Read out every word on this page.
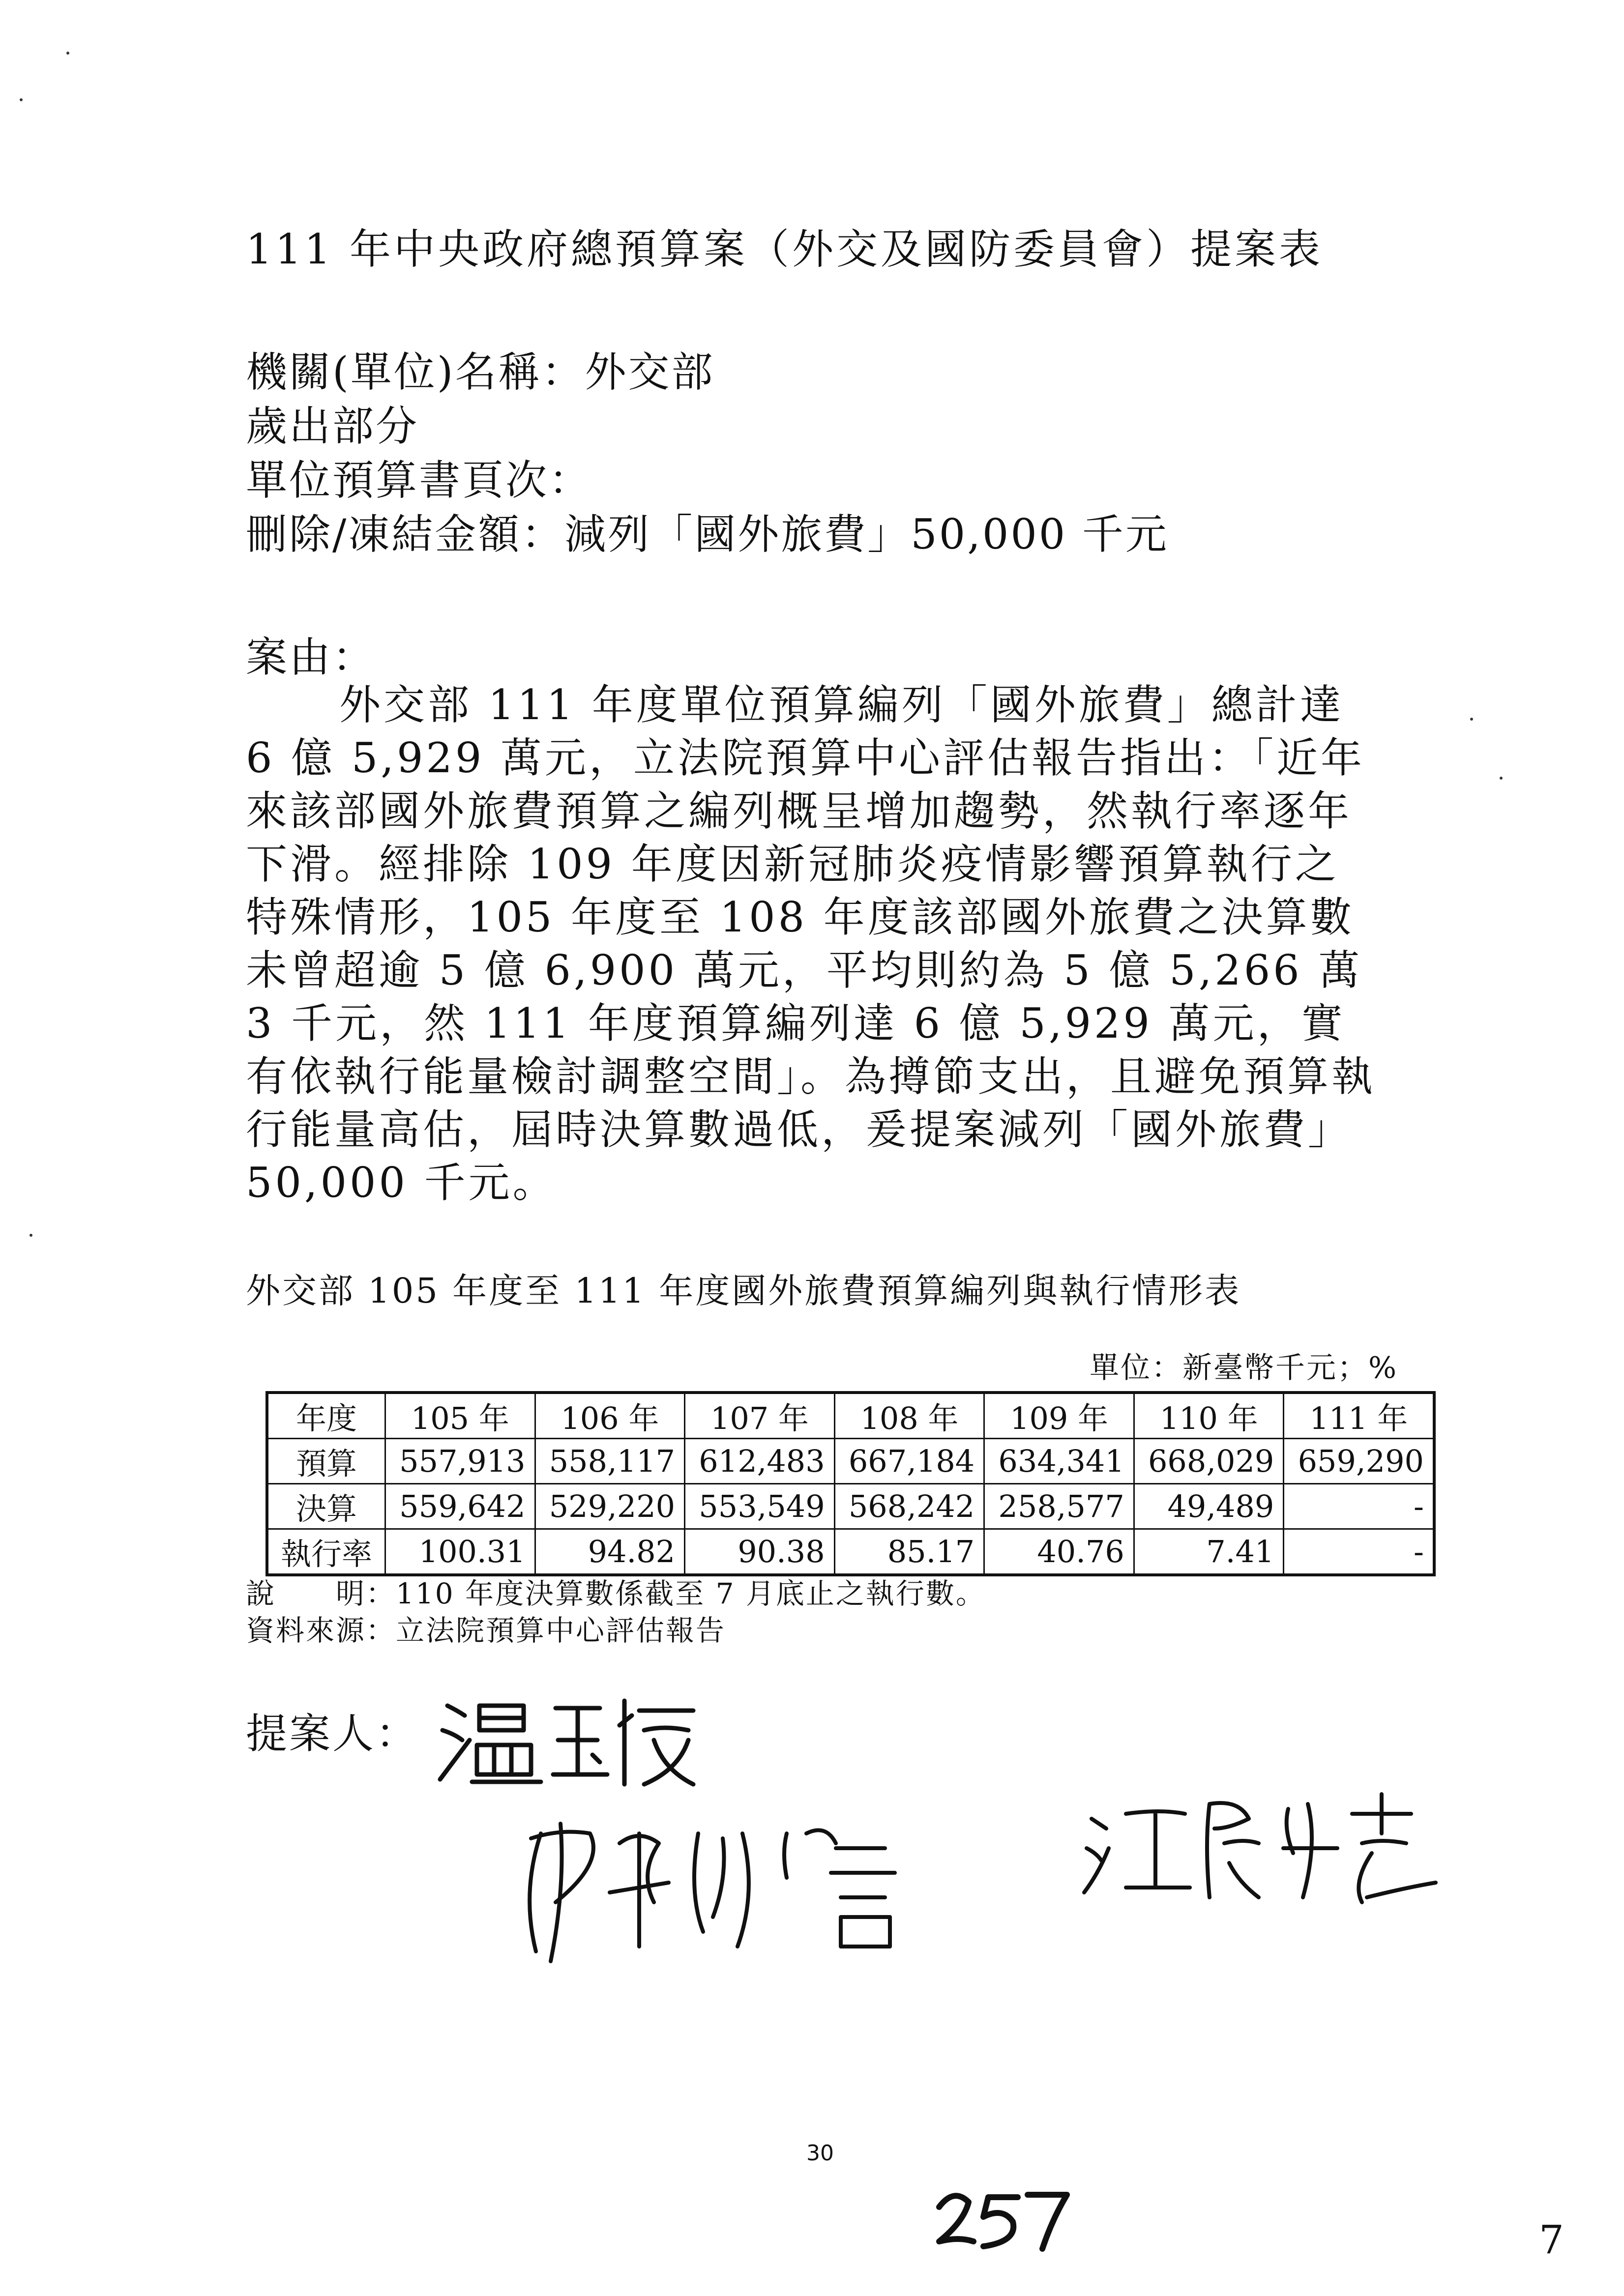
111 年中央政府總預算案（外交及國防委員會）提案表
機關(單位)名稱：外交部
歲出部分
單位預算書頁次：
刪除/凍結金額：減列「國外旅費」50,000 千元
案由：
外交部 111 年度單位預算編列「國外旅費」總計達 6 億 5,929 萬元，立法院預算中心評估報告指出：「近年來該部國外旅費預算之編列概呈增加趨勢，然執行率逐年下滑。經排除 109 年度因新冠肺炎疫情影響預算執行之特殊情形，105 年度至 108 年度該部國外旅費之決算數未曾超逾 5 億 6,900 萬元，平均則約為 5 億 5,266 萬 3 千元，然 111 年度預算編列達 6 億 5,929 萬元，實有依執行能量檢討調整空間」。為撙節支出，且避免預算執行能量高估，屆時決算數過低，爰提案減列「國外旅費」50,000 千元。
外交部 105 年度至 111 年度國外旅費預算編列與執行情形表
單位：新臺幣千元；%
年度	105 年	106 年	107 年	108 年	109 年	110 年	111 年
預算	557,913	558,117	612,483	667,184	634,341	668,029	659,290
決算	559,642	529,220	553,549	568,242	258,577	49,489	-
執行率	100.31	94.82	90.38	85.17	40.76	7.41	-
說　　明：110 年度決算數係截至 7 月底止之執行數。
資料來源：立法院預算中心評估報告
提案人：
30
7
